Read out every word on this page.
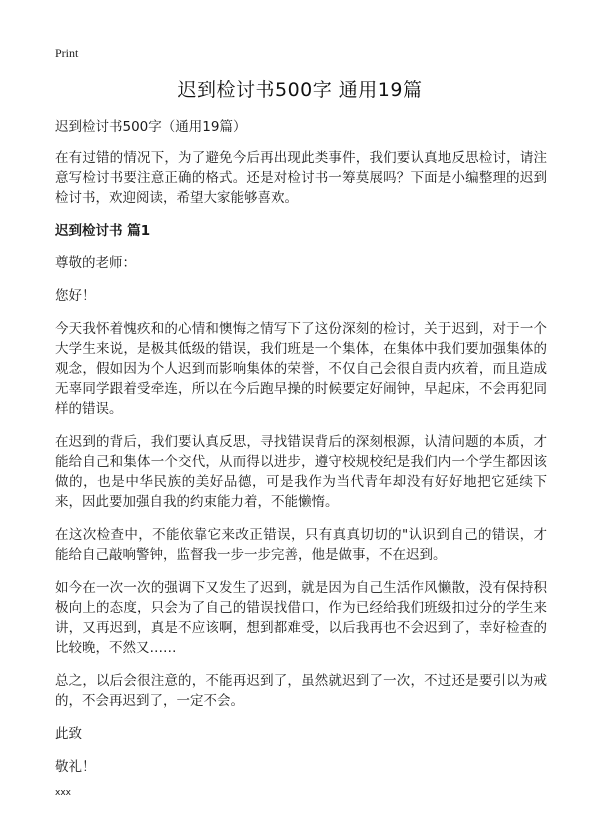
Print
迟到检讨书500字 通用19篇

迟到检讨书500字（通用19篇）

在有过错的情况下，为了避免今后再出现此类事件，我们要认真地反思检讨，请注意写检讨书要注意正确的格式。还是对检讨书一筹莫展吗？下面是小编整理的迟到检讨书，欢迎阅读，希望大家能够喜欢。

迟到检讨书 篇1

尊敬的老师：

您好！

今天我怀着愧疚和的心情和懊悔之情写下了这份深刻的检讨，关于迟到，对于一个大学生来说，是极其低级的错误，我们班是一个集体，在集体中我们要加强集体的观念，假如因为个人迟到而影响集体的荣誉，不仅自己会很自责内疚着，而且造成无辜同学跟着受牵连，所以在今后跑早操的时候要定好闹钟，早起床，不会再犯同样的错误。

在迟到的背后，我们要认真反思，寻找错误背后的深刻根源，认清问题的本质，才能给自己和集体一个交代，从而得以进步，遵守校规校纪是我们内一个学生都因该做的，也是中华民族的美好品德，可是我作为当代青年却没有好好地把它延续下来，因此要加强自我的约束能力着，不能懒惰。

在这次检查中，不能依靠它来改正错误，只有真真切切的"认识到自己的错误，才能给自己敲响警钟，监督我一步一步完善，他是做事，不在迟到。

如今在一次一次的强调下又发生了迟到，就是因为自己生活作风懒散，没有保持积极向上的态度，只会为了自己的错误找借口，作为已经给我们班级扣过分的学生来讲，又再迟到，真是不应该啊，想到都难受，以后我再也不会迟到了，幸好检查的比较晚，不然又……

总之，以后会很注意的，不能再迟到了，虽然就迟到了一次，不过还是要引以为戒的，不会再迟到了，一定不会。

此致

敬礼！

xxx
